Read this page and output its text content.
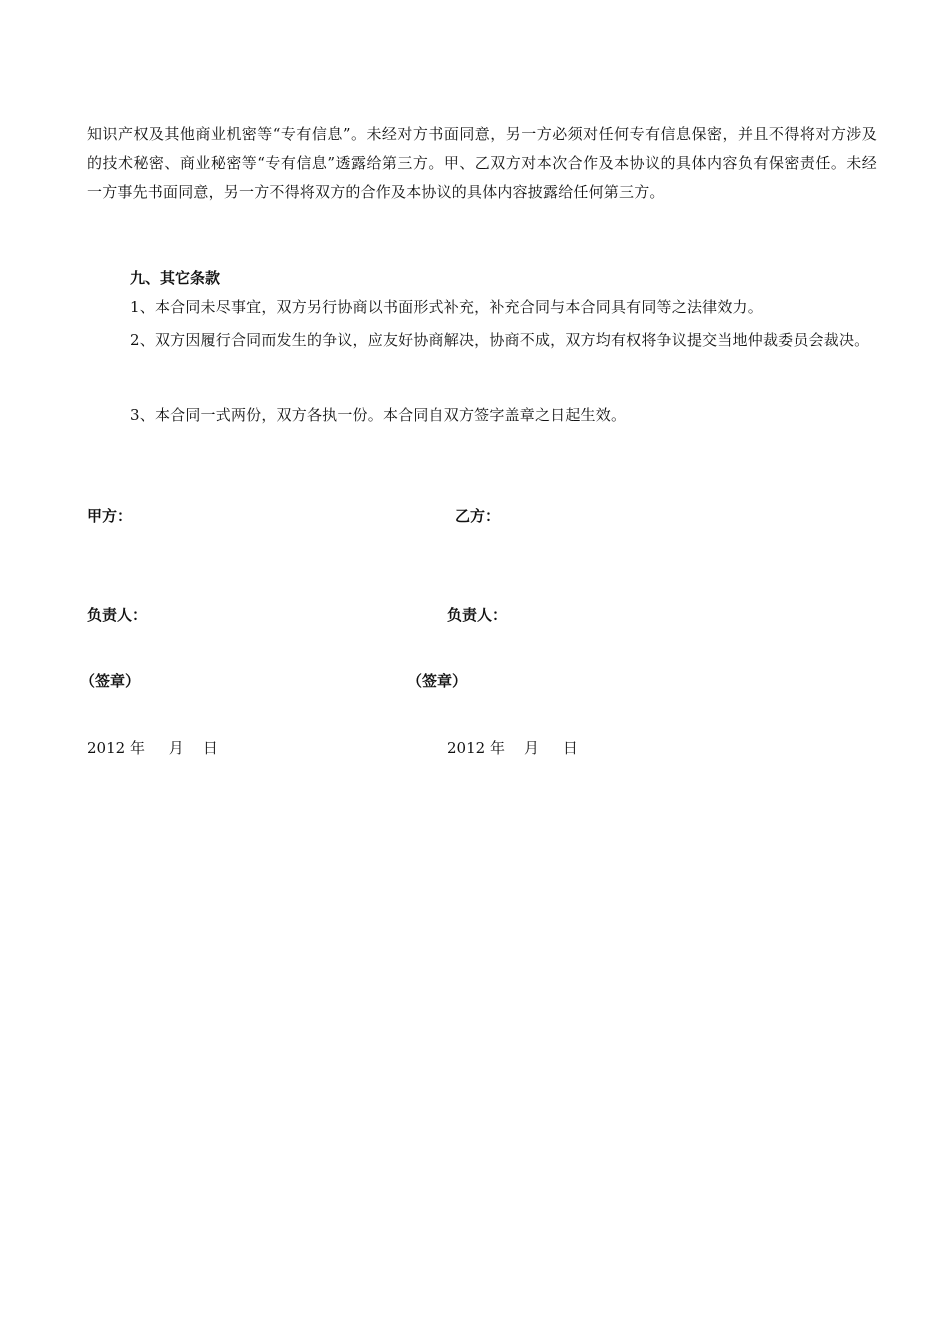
知识产权及其他商业机密等“专有信息”。未经对方书面同意，另一方必须对任何专有信息保密，并且不得将对方涉及的技术秘密、商业秘密等“专有信息”透露给第三方。甲、乙双方对本次合作及本协议的具体内容负有保密责任。未经一方事先书面同意，另一方不得将双方的合作及本协议的具体内容披露给任何第三方。
九、其它条款
1、本合同未尽事宜，双方另行协商以书面形式补充，补充合同与本合同具有同等之法律效力。
2、双方因履行合同而发生的争议，应友好协商解决，协商不成，双方均有权将争议提交当地仲裁委员会裁决。
3、本合同一式两份，双方各执一份。本合同自双方签字盖章之日起生效。
甲方：
负责人：
（签章）
2012 年     月    日
乙方：
负责人：
（签章）
2012 年    月     日
